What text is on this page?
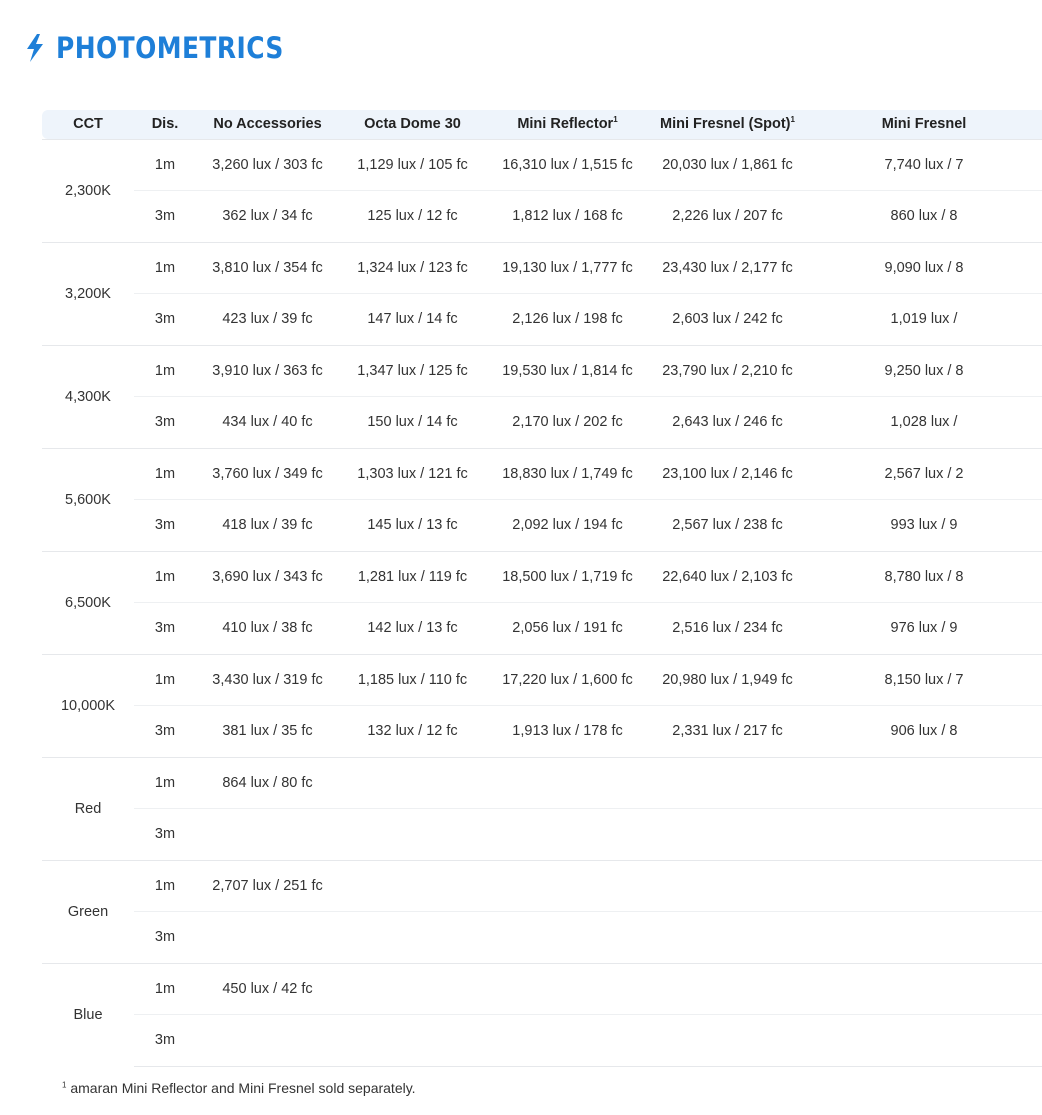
PHOTOMETRICS
CCT	Dis.	No Accessories	Octa Dome 30	Mini Reflector$^1$	Mini Fresnel (Spot)$^1$	Mini Fresnel
2,300K	1m	3,260 lux / 303 fc	1,129 lux / 105 fc	16,310 lux / 1,515 fc	20,030 lux / 1,861 fc	7,740 lux / 7
	3m	362 lux / 34 fc	125 lux / 12 fc	1,812 lux / 168 fc	2,226 lux / 207 fc	860 lux / 8
3,200K	1m	3,810 lux / 354 fc	1,324 lux / 123 fc	19,130 lux / 1,777 fc	23,430 lux / 2,177 fc	9,090 lux / 8
	3m	423 lux / 39 fc	147 lux / 14 fc	2,126 lux / 198 fc	2,603 lux / 242 fc	1,019 lux /
4,300K	1m	3,910 lux / 363 fc	1,347 lux / 125 fc	19,530 lux / 1,814 fc	23,790 lux / 2,210 fc	9,250 lux / 8
	3m	434 lux / 40 fc	150 lux / 14 fc	2,170 lux / 202 fc	2,643 lux / 246 fc	1,028 lux /
5,600K	1m	3,760 lux / 349 fc	1,303 lux / 121 fc	18,830 lux / 1,749 fc	23,100 lux / 2,146 fc	2,567 lux / 2
	3m	418 lux / 39 fc	145 lux / 13 fc	2,092 lux / 194 fc	2,567 lux / 238 fc	993 lux / 9
6,500K	1m	3,690 lux / 343 fc	1,281 lux / 119 fc	18,500 lux / 1,719 fc	22,640 lux / 2,103 fc	8,780 lux / 8
	3m	410 lux / 38 fc	142 lux / 13 fc	2,056 lux / 191 fc	2,516 lux / 234 fc	976 lux / 9
10,000K	1m	3,430 lux / 319 fc	1,185 lux / 110 fc	17,220 lux / 1,600 fc	20,980 lux / 1,949 fc	8,150 lux / 7
	3m	381 lux / 35 fc	132 lux / 12 fc	1,913 lux / 178 fc	2,331 lux / 217 fc	906 lux / 8
Red	1m	864 lux / 80 fc				
	3m					
Green	1m	2,707 lux / 251 fc				
	3m					
Blue	1m	450 lux / 42 fc				
	3m					
$^1$ amaran Mini Reflector and Mini Fresnel sold separately.
